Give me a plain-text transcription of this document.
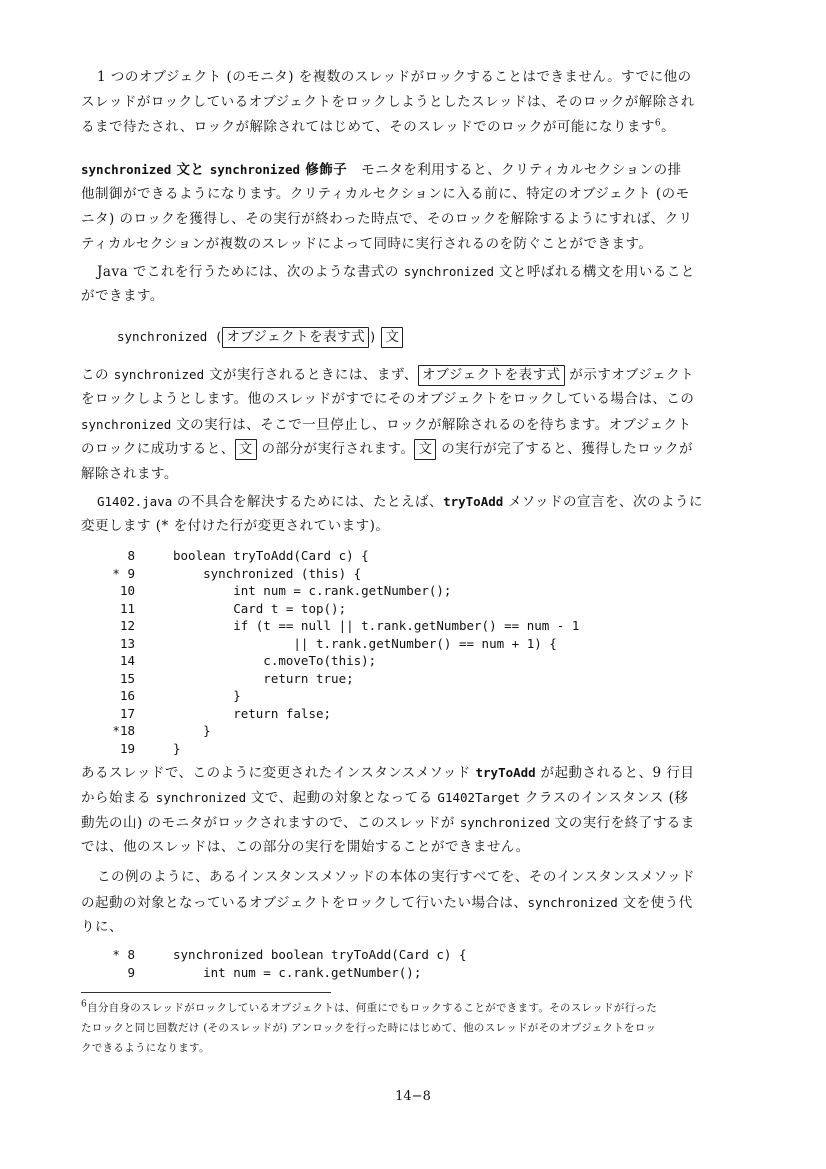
1 つのオブジェクト (のモニタ) を複数のスレッドがロックすることはできません。すでに他の
スレッドがロックしているオブジェクトをロックしようとしたスレッドは、そのロックが解除され
るまで待たされ、ロックが解除されてはじめて、そのスレッドでのロックが可能になります$^6$。
synchronized 文と synchronized 修飾子　モニタを利用すると、クリティカルセクションの排
他制御ができるようになります。クリティカルセクションに入る前に、特定のオブジェクト (のモ
ニタ) のロックを獲得し、その実行が終わった時点で、そのロックを解除するようにすれば、クリ
ティカルセクションが複数のスレッドによって同時に実行されるのを防ぐことができます。
Java でこれを行うためには、次のような書式の synchronized 文と呼ばれる構文を用いること
ができます。
synchronized ( オブジェクトを表す式 ) 文
この synchronized 文が実行されるときには、まず、 オブジェクトを表す式 が示すオブジェクト
をロックしようとします。他のスレッドがすでにそのオブジェクトをロックしている場合は、この
synchronized 文の実行は、そこで一旦停止し、ロックが解除されるのを待ちます。オブジェクト
のロックに成功すると、 文 の部分が実行されます。 文 の実行が完了すると、獲得したロックが
解除されます。
G1402.java の不具合を解決するためには、たとえば、tryToAdd メソッドの宣言を、次のように
変更します (* を付けた行が変更されています)。
8	boolean tryToAdd(Card c) {
* 9	synchronized (this) {
10	int num = c.rank.getNumber();
11	Card t = top();
12	if (t == null || t.rank.getNumber() == num - 1
13	|| t.rank.getNumber() == num + 1) {
14	c.moveTo(this);
15	return true;
16	}
17	return false;
*18	}
19	}
あるスレッドで、このように変更されたインスタンスメソッド tryToAdd が起動されると、9 行目
から始まる synchronized 文で、起動の対象となってる G1402Target クラスのインスタンス (移
動先の山) のモニタがロックされますので、このスレッドが synchronized 文の実行を終了するま
では、他のスレッドは、この部分の実行を開始することができません。
この例のように、あるインスタンスメソッドの本体の実行すべてを、そのインスタンスメソッド
の起動の対象となっているオブジェクトをロックして行いたい場合は、synchronized 文を使う代
りに、
* 8	synchronized boolean tryToAdd(Card c) {
9	int num = c.rank.getNumber();
$^6$自分自身のスレッドがロックしているオブジェクトは、何重にでもロックすることができます。そのスレッドが行った
たロックと同じ回数だけ (そのスレッドが) アンロックを行った時にはじめて、他のスレッドがそのオブジェクトをロッ
クできるようになります。
14−8
